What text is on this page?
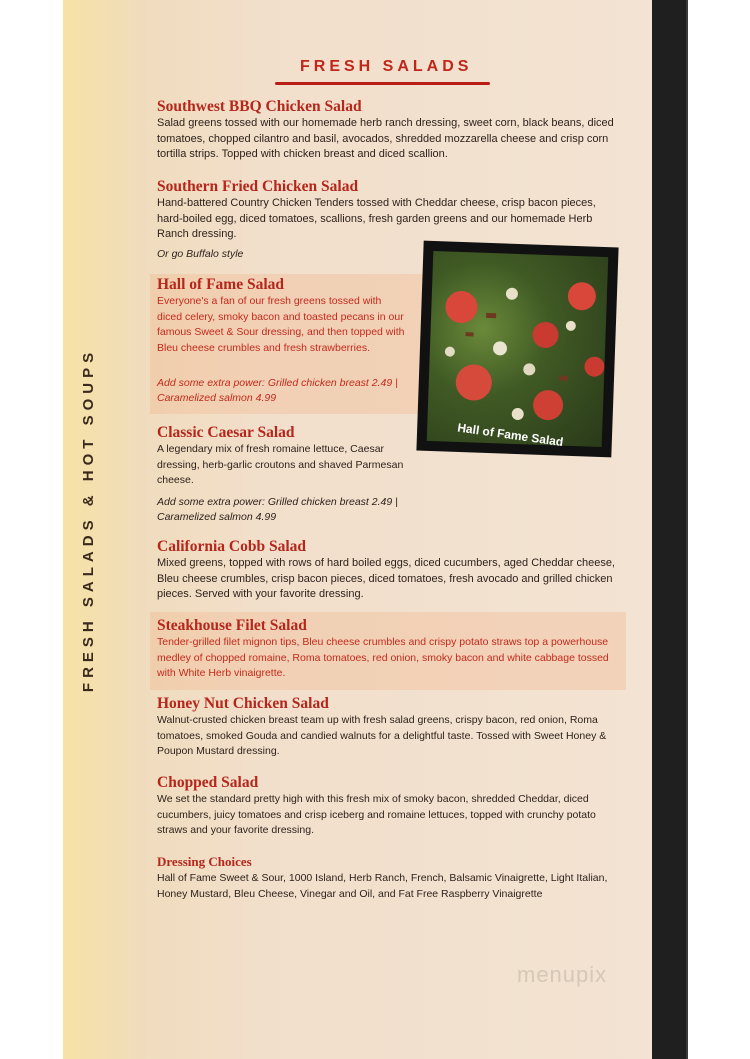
FRESH SALADS & HOT SOUPS
FRESH SALADS
Southwest BBQ Chicken Salad
Salad greens tossed with our homemade herb ranch dressing, sweet corn, black beans, diced tomatoes, chopped cilantro and basil, avocados, shredded mozzarella cheese and crisp corn tortilla strips. Topped with chicken breast and diced scallion.
Southern Fried Chicken Salad
Hand-battered Country Chicken Tenders tossed with Cheddar cheese, crisp bacon pieces, hard-boiled egg, diced tomatoes, scallions, fresh garden greens and our homemade Herb Ranch dressing.
Or go Buffalo style
Hall of Fame Salad
Everyone's a fan of our fresh greens tossed with diced celery, smoky bacon and toasted pecans in our famous Sweet & Sour dressing, and then topped with Bleu cheese crumbles and fresh strawberries.
Add some extra power: Grilled chicken breast 2.49 | Caramelized salmon 4.99
Hall of Fame Salad
Classic Caesar Salad
A legendary mix of fresh romaine lettuce, Caesar dressing, herb-garlic croutons and shaved Parmesan cheese.
Add some extra power: Grilled chicken breast 2.49 | Caramelized salmon 4.99
California Cobb Salad
Mixed greens, topped with rows of hard boiled eggs, diced cucumbers, aged Cheddar cheese, Bleu cheese crumbles, crisp bacon pieces, diced tomatoes, fresh avocado and grilled chicken pieces. Served with your favorite dressing.
Steakhouse Filet Salad
Tender-grilled filet mignon tips, Bleu cheese crumbles and crispy potato straws top a powerhouse medley of chopped romaine, Roma tomatoes, red onion, smoky bacon and white cabbage tossed with White Herb vinaigrette.
Honey Nut Chicken Salad
Walnut-crusted chicken breast team up with fresh salad greens, crispy bacon, red onion, Roma tomatoes, smoked Gouda and candied walnuts for a delightful taste. Tossed with Sweet Honey & Poupon Mustard dressing.
Chopped Salad
We set the standard pretty high with this fresh mix of smoky bacon, shredded Cheddar, diced cucumbers, juicy tomatoes and crisp iceberg and romaine lettuces, topped with crunchy potato straws and your favorite dressing.
Dressing Choices
Hall of Fame Sweet & Sour, 1000 Island, Herb Ranch, French, Balsamic Vinaigrette, Light Italian, Honey Mustard, Bleu Cheese, Vinegar and Oil, and Fat Free Raspberry Vinaigrette
menupix
